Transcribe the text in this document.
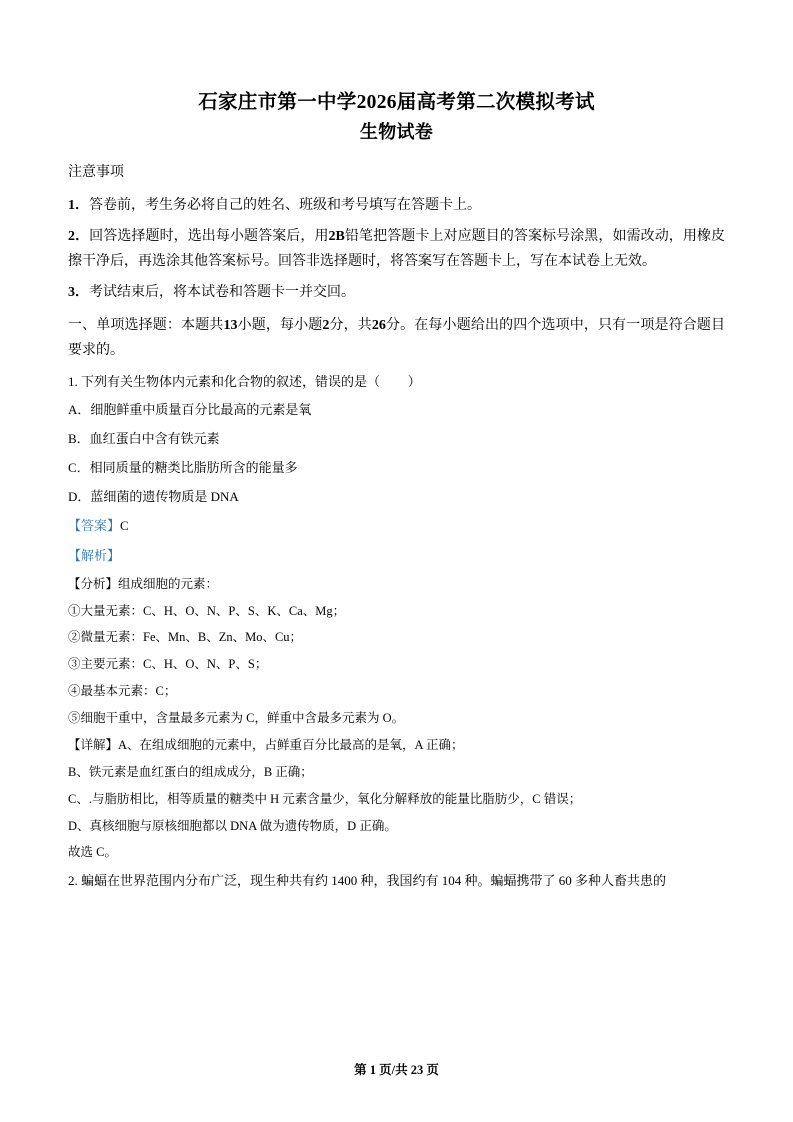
石家庄市第一中学2026届高考第二次模拟考试
生物试卷

注意事项

1．答卷前，考生务必将自己的姓名、班级和考号填写在答题卡上。

2．回答选择题时，选出每小题答案后，用2B铅笔把答题卡上对应题目的答案标号涂黑，如需改动，用橡皮擦干净后，再选涂其他答案标号。回答非选择题时，将答案写在答题卡上，写在本试卷上无效。

3．考试结束后，将本试卷和答题卡一并交回。

一、单项选择题：本题共13小题，每小题2分，共26分。在每小题给出的四个选项中，只有一项是符合题目要求的。

1. 下列有关生物体内元素和化合物的叙述，错误的是（ ）

A．细胞鲜重中质量百分比最高的元素是氧

B．血红蛋白中含有铁元素

C．相同质量的糖类比脂肪所含的能量多

D．蓝细菌的遗传物质是 DNA

【答案】C

【解析】

【分析】组成细胞的元素：

①大量无素：C、H、O、N、P、S、K、Ca、Mg；

②微量无素：Fe、Mn、B、Zn、Mo、Cu；

③主要元素：C、H、O、N、P、S；

④最基本元素：C；

⑤细胞干重中，含量最多元素为 C，鲜重中含最多元素为 O。

【详解】A、在组成细胞的元素中，占鲜重百分比最高的是氧，A 正确；

B、铁元素是血红蛋白的组成成分，B 正确；

C、.与脂肪相比，相等质量的糖类中 H 元素含量少，氧化分解释放的能量比脂肪少，C 错误；

D、真核细胞与原核细胞都以 DNA 做为遗传物质，D 正确。

故选 C。

2. 蝙蝠在世界范围内分布广泛，现生种共有约 1400 种，我国约有 104 种。蝙蝠携带了 60 多种人畜共患的

第 1 页/共 23 页
